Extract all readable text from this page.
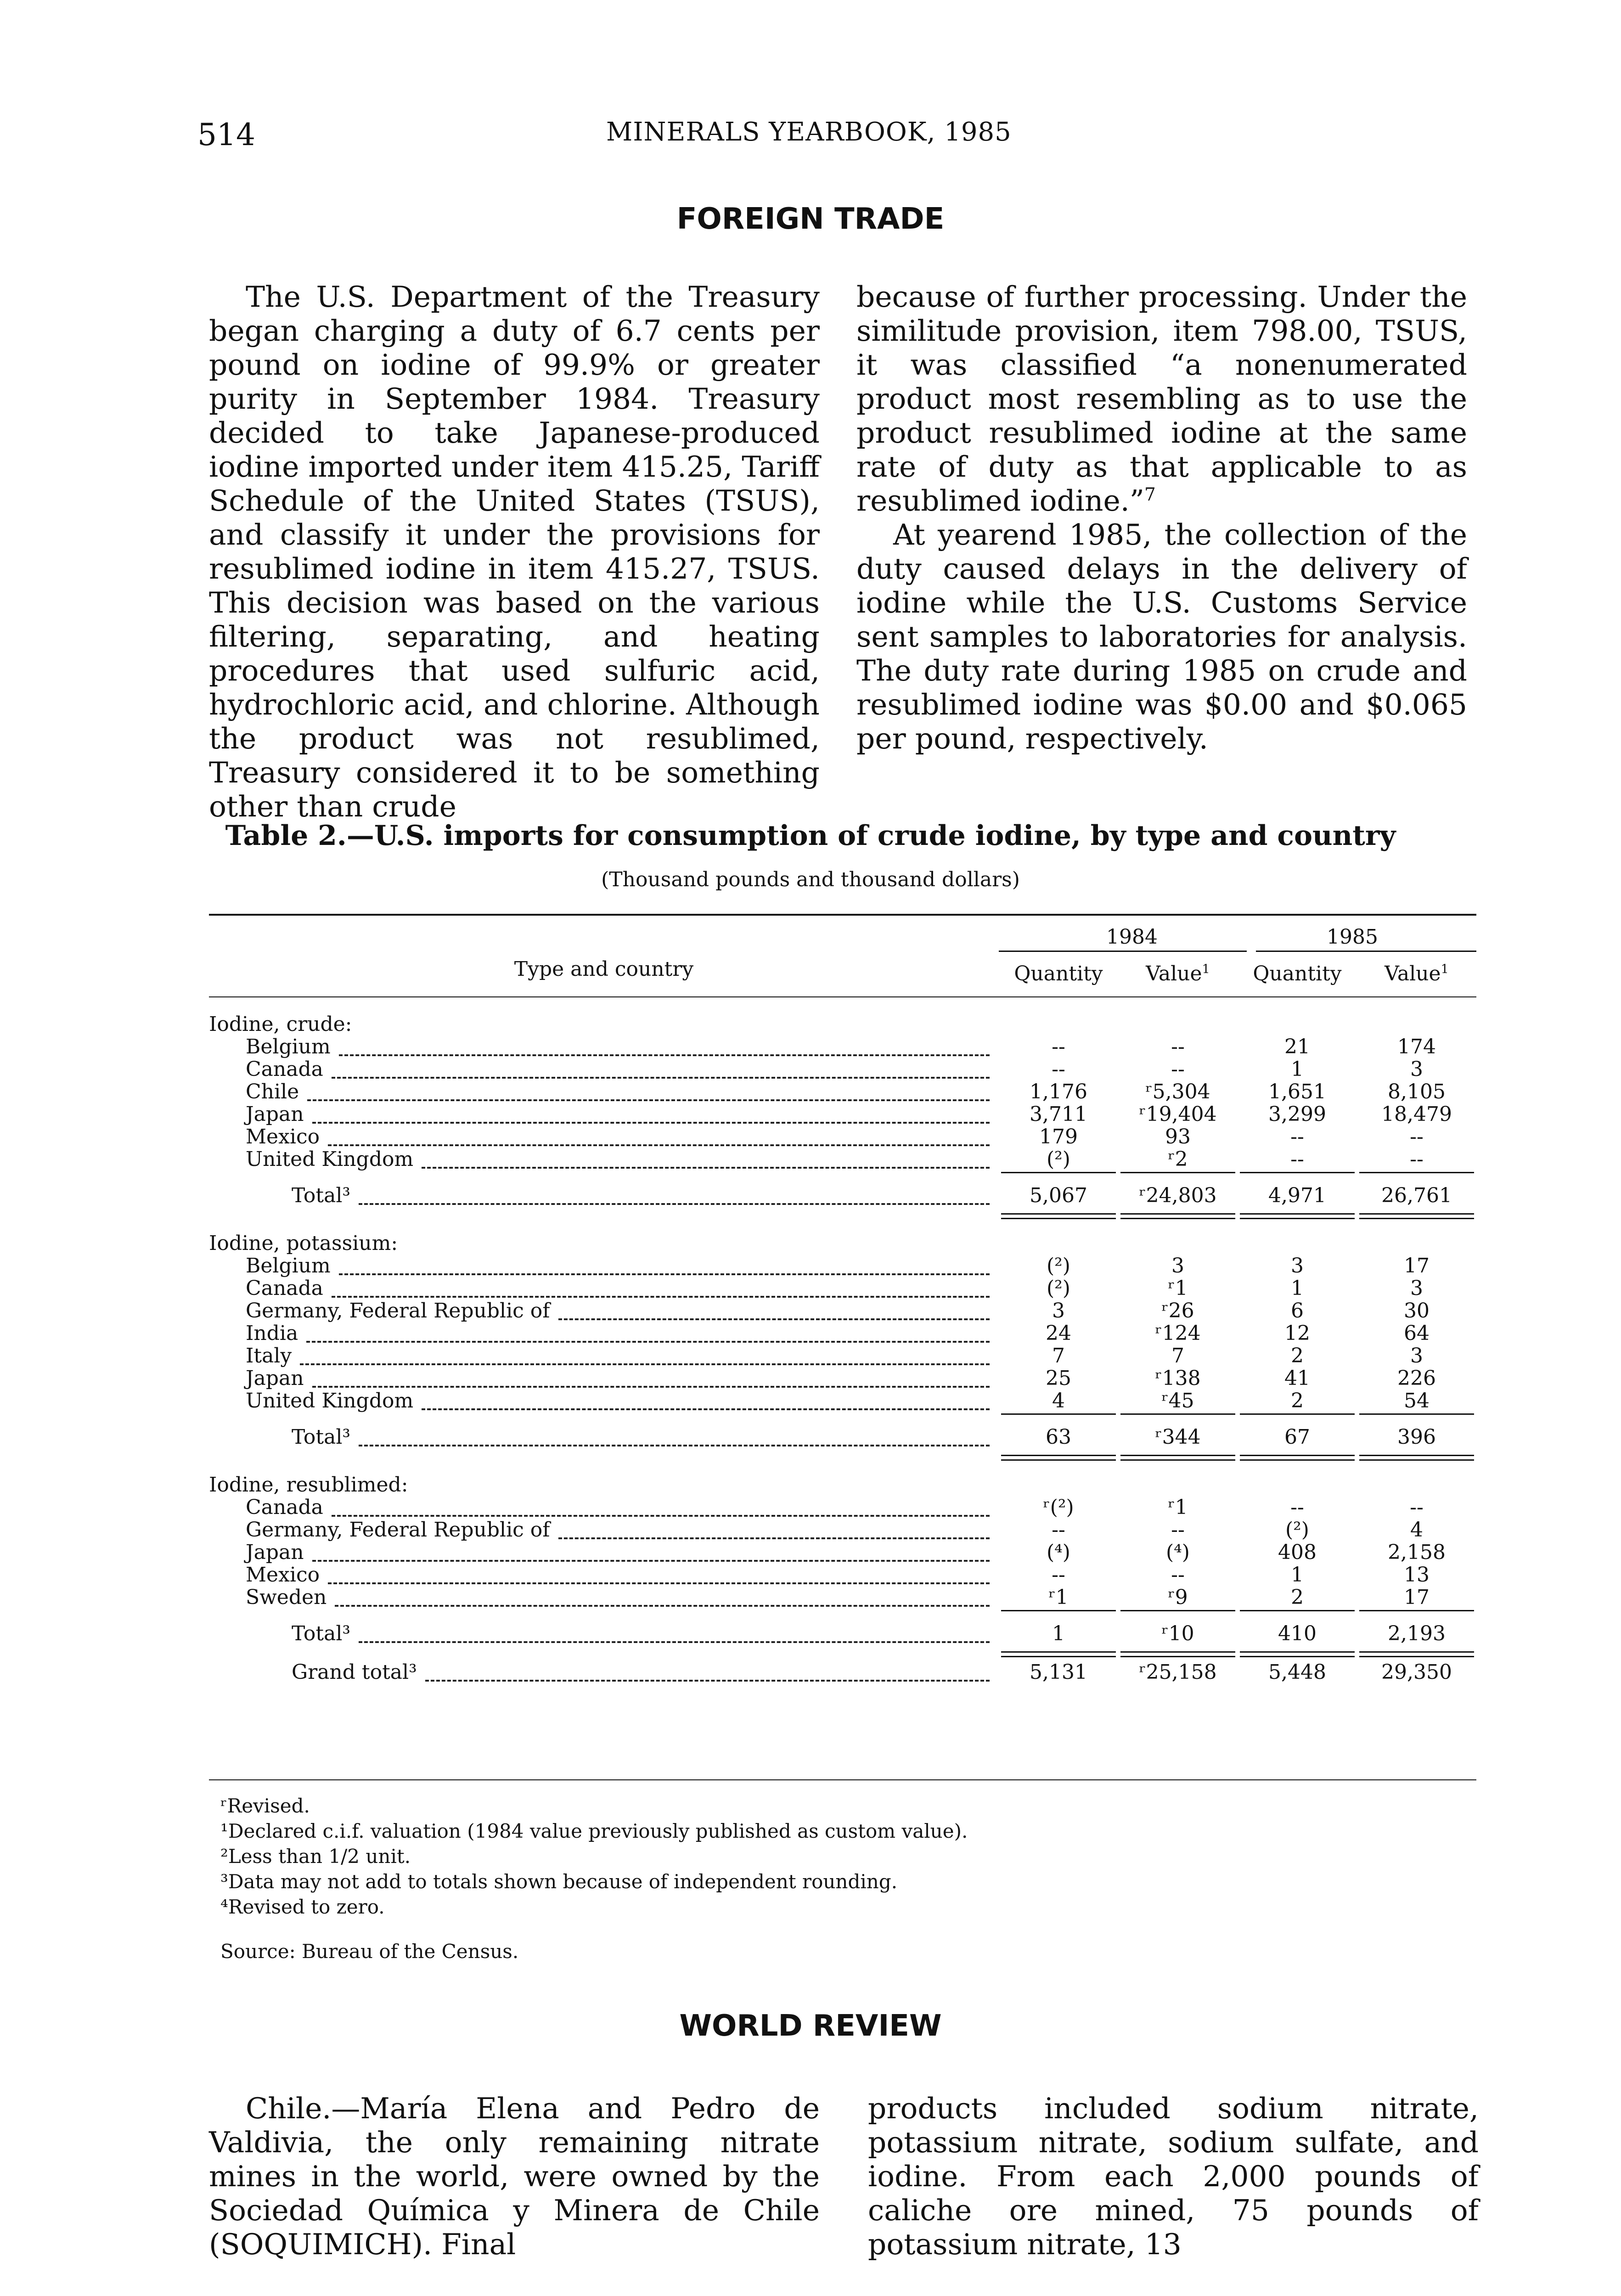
514	MINERALS YEARBOOK, 1985
FOREIGN TRADE

The U.S. Department of the Treasury began charging a duty of 6.7 cents per pound on iodine of 99.9% or greater purity in September 1984. Treasury decided to take Japanese-produced iodine imported under item 415.25, Tariff Schedule of the United States (TSUS), and classify it under the provisions for resublimed iodine in item 415.27, TSUS. This decision was based on the various filtering, separating, and heating procedures that used sulfuric acid, hydrochloric acid, and chlorine. Although the product was not resublimed, Treasury considered it to be something other than crude

because of further processing. Under the similitude provision, item 798.00, TSUS, it was classified “a nonenumerated product most resembling as to use the product resublimed iodine at the same rate of duty as that applicable to as resublimed iodine.”$^7$

At yearend 1985, the collection of the duty caused delays in the delivery of iodine while the U.S. Customs Service sent samples to laboratories for analysis. The duty rate during 1985 on crude and resublimed iodine was $0.00 and $0.065 per pound, respectively.

Table 2.—U.S. imports for consumption of crude iodine, by type and country
(Thousand pounds and thousand dollars)
Type and country
1984	1985
Quantity	Value$^1$	Quantity	Value$^1$
Iodine, crude:
Belgium	--	--	21	174
Canada	--	--	1	3
Chile	1,176	ʳ5,304	1,651	8,105
Japan	3,711	ʳ19,404	3,299	18,479
Mexico	179	93	--	--
United Kingdom	(²)	ʳ2	--	--
Total³	5,067	ʳ24,803	4,971	26,761
Iodine, potassium:
Belgium	(²)	3	3	17
Canada	(²)	ʳ1	1	3
Germany, Federal Republic of	3	ʳ26	6	30
India	24	ʳ124	12	64
Italy	7	7	2	3
Japan	25	ʳ138	41	226
United Kingdom	4	ʳ45	2	54
Total³	63	ʳ344	67	396
Iodine, resublimed:
Canada	ʳ(²)	ʳ1	--	--
Germany, Federal Republic of	--	--	(²)	4
Japan	(⁴)	(⁴)	408	2,158
Mexico	--	--	1	13
Sweden	ʳ1	ʳ9	2	17
Total³	1	ʳ10	410	2,193
Grand total³	5,131	ʳ25,158	5,448	29,350
ʳRevised.
¹Declared c.i.f. valuation (1984 value previously published as custom value).
²Less than 1/2 unit.
³Data may not add to totals shown because of independent rounding.
⁴Revised to zero.
Source: Bureau of the Census.
WORLD REVIEW

Chile.—María Elena and Pedro de Valdivia, the only remaining nitrate mines in the world, were owned by the Sociedad Química y Minera de Chile (SOQUIMICH). Final

products included sodium nitrate, potassium nitrate, sodium sulfate, and iodine. From each 2,000 pounds of caliche ore mined, 75 pounds of potassium nitrate, 13
